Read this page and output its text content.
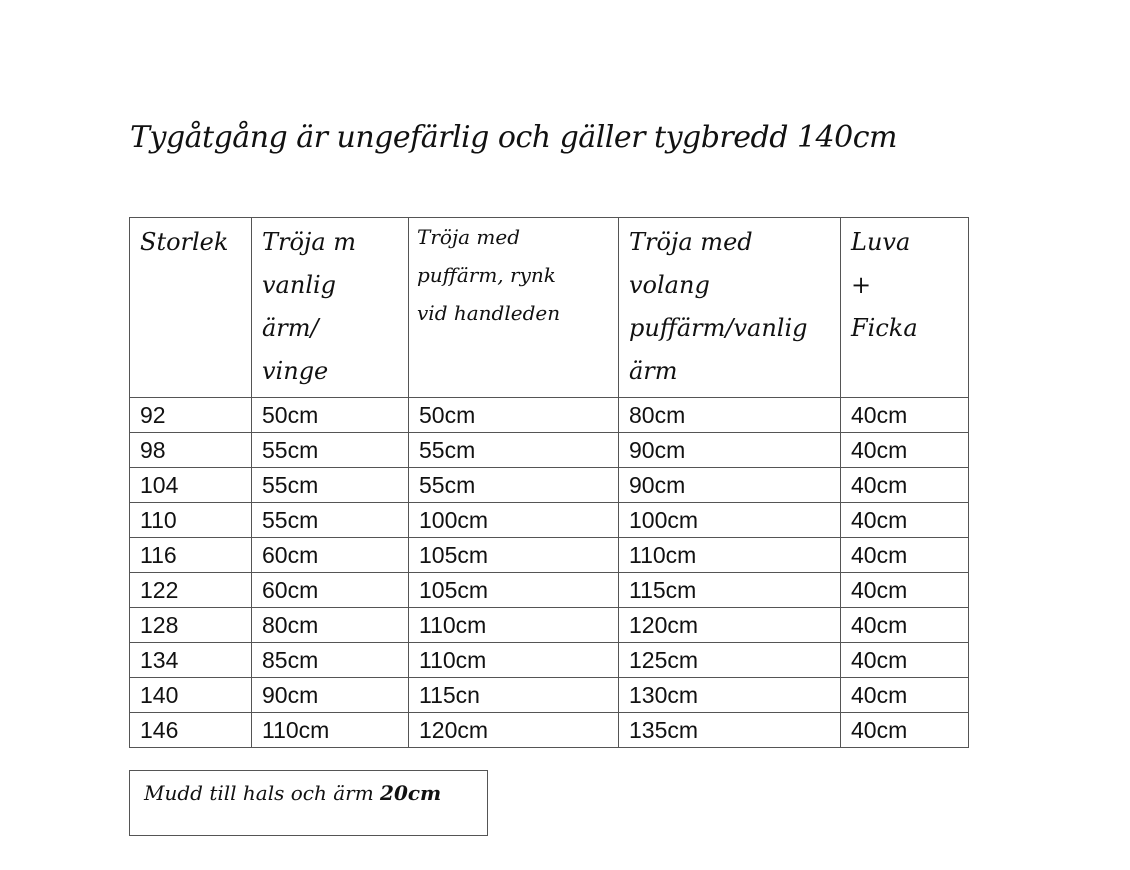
Tygåtgång är ungefärlig och gäller tygbredd 140cm
Storlek	Tröja m
vanlig
ärm/
vinge	Tröja med
puffärm, rynk
vid handleden	Tröja med
volang
puffärm/vanlig
ärm	Luva
+
Ficka

92	50cm	50cm	80cm	40cm
98	55cm	55cm	90cm	40cm
104	55cm	55cm	90cm	40cm
110	55cm	100cm	100cm	40cm
116	60cm	105cm	110cm	40cm
122	60cm	105cm	115cm	40cm
128	80cm	110cm	120cm	40cm
134	85cm	110cm	125cm	40cm
140	90cm	115cn	130cm	40cm
146	110cm	120cm	135cm	40cm
Mudd till hals och ärm 20cm
